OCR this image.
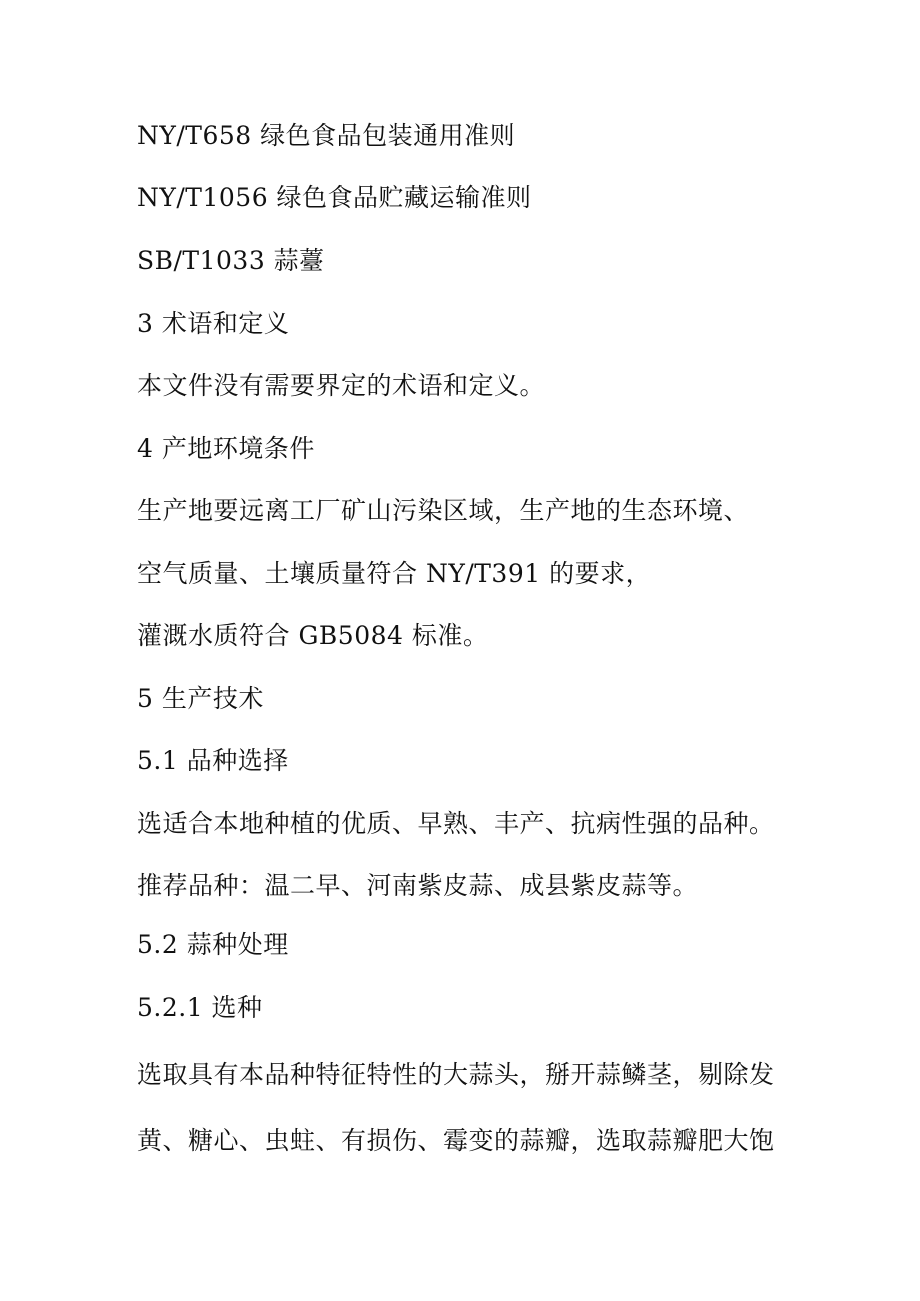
NY/T658 绿色食品包装通用准则
NY/T1056 绿色食品贮藏运输准则
SB/T1033 蒜薹
3 术语和定义
本文件没有需要界定的术语和定义。
4 产地环境条件
生产地要远离工厂矿山污染区域，生产地的生态环境、
空气质量、土壤质量符合 NY/T391 的要求，
灌溉水质符合 GB5084 标准。
5 生产技术
5.1 品种选择
选适合本地种植的优质、早熟、丰产、抗病性强的品种。
推荐品种：温二早、河南紫皮蒜、成县紫皮蒜等。
5.2 蒜种处理
5.2.1 选种
选取具有本品种特征特性的大蒜头，掰开蒜鳞茎，剔除发
黄、糖心、虫蛀、有损伤、霉变的蒜瓣，选取蒜瓣肥大饱
